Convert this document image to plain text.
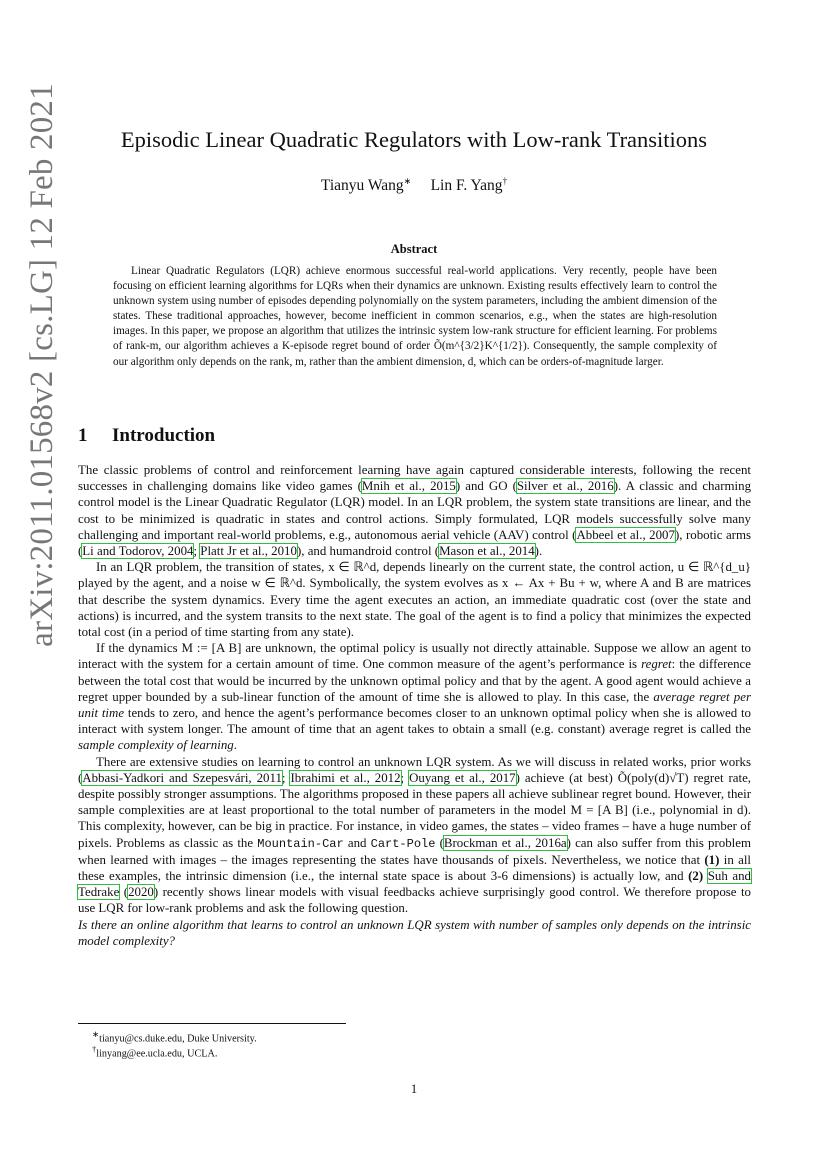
arXiv:2011.01568v2 [cs.LG] 12 Feb 2021	Episodic Linear Quadratic Regulators with Low-rank Transitions
Tianyu Wang∗ Lin F. Yang†
Abstract
Linear Quadratic Regulators (LQR) achieve enormous successful real-world applications. Very recently, people have been focusing on efficient learning algorithms for LQRs when their dynamics are unknown. Existing results effectively learn to control the unknown system using number of episodes depending polynomially on the system parameters, including the ambient dimension of the states. These traditional approaches, however, become inefficient in common scenarios, e.g., when the states are high-resolution images. In this paper, we propose an algorithm that utilizes the intrinsic system low-rank structure for efficient learning. For problems of rank-m, our algorithm achieves a K-episode regret bound of order Õ(m^{3/2}K^{1/2}). Consequently, the sample complexity of our algorithm only depends on the rank, m, rather than the ambient dimension, d, which can be orders-of-magnitude larger.
1 Introduction

The classic problems of control and reinforcement learning have again captured considerable interests, following the recent successes in challenging domains like video games (Mnih et al., 2015) and GO (Silver et al., 2016). A classic and charming control model is the Linear Quadratic Regulator (LQR) model. In an LQR problem, the system state transitions are linear, and the cost to be minimized is quadratic in states and control actions. Simply formulated, LQR models successfully solve many challenging and important real-world problems, e.g., autonomous aerial vehicle (AAV) control (Abbeel et al., 2007), robotic arms (Li and Todorov, 2004; Platt Jr et al., 2010), and humandroid control (Mason et al., 2014).

In an LQR problem, the transition of states, x ∈ ℝ^d, depends linearly on the current state, the control action, u ∈ ℝ^{d_u} played by the agent, and a noise w ∈ ℝ^d. Symbolically, the system evolves as x ← Ax + Bu + w, where A and B are matrices that describe the system dynamics. Every time the agent executes an action, an immediate quadratic cost (over the state and actions) is incurred, and the system transits to the next state. The goal of the agent is to find a policy that minimizes the expected total cost (in a period of time starting from any state).

If the dynamics M := [A B] are unknown, the optimal policy is usually not directly attainable. Suppose we allow an agent to interact with the system for a certain amount of time. One common measure of the agent’s performance is regret: the difference between the total cost that would be incurred by the unknown optimal policy and that by the agent. A good agent would achieve a regret upper bounded by a sub-linear function of the amount of time she is allowed to play. In this case, the average regret per unit time tends to zero, and hence the agent’s performance becomes closer to an unknown optimal policy when she is allowed to interact with system longer. The amount of time that an agent takes to obtain a small (e.g. constant) average regret is called the sample complexity of learning.

There are extensive studies on learning to control an unknown LQR system. As we will discuss in related works, prior works (Abbasi-Yadkori and Szepesvári, 2011; Ibrahimi et al., 2012; Ouyang et al., 2017) achieve (at best) Õ(poly(d)√T) regret rate, despite possibly stronger assumptions. The algorithms proposed in these papers all achieve sublinear regret bound. However, their sample complexities are at least proportional to the total number of parameters in the model M = [A B] (i.e., polynomial in d). This complexity, however, can be big in practice. For instance, in video games, the states – video frames – have a huge number of pixels. Problems as classic as the Mountain-Car and Cart-Pole (Brockman et al., 2016a) can also suffer from this problem when learned with images – the images representing the states have thousands of pixels. Nevertheless, we notice that (1) in all these examples, the intrinsic dimension (i.e., the internal state space is about 3-6 dimensions) is actually low, and (2) Suh and Tedrake (2020) recently shows linear models with visual feedbacks achieve surprisingly good control. We therefore propose to use LQR for low-rank problems and ask the following question.

Is there an online algorithm that learns to control an unknown LQR system with number of samples only depends on the intrinsic model complexity?

∗tianyu@cs.duke.edu, Duke University.
†linyang@ee.ucla.edu, UCLA.
1
